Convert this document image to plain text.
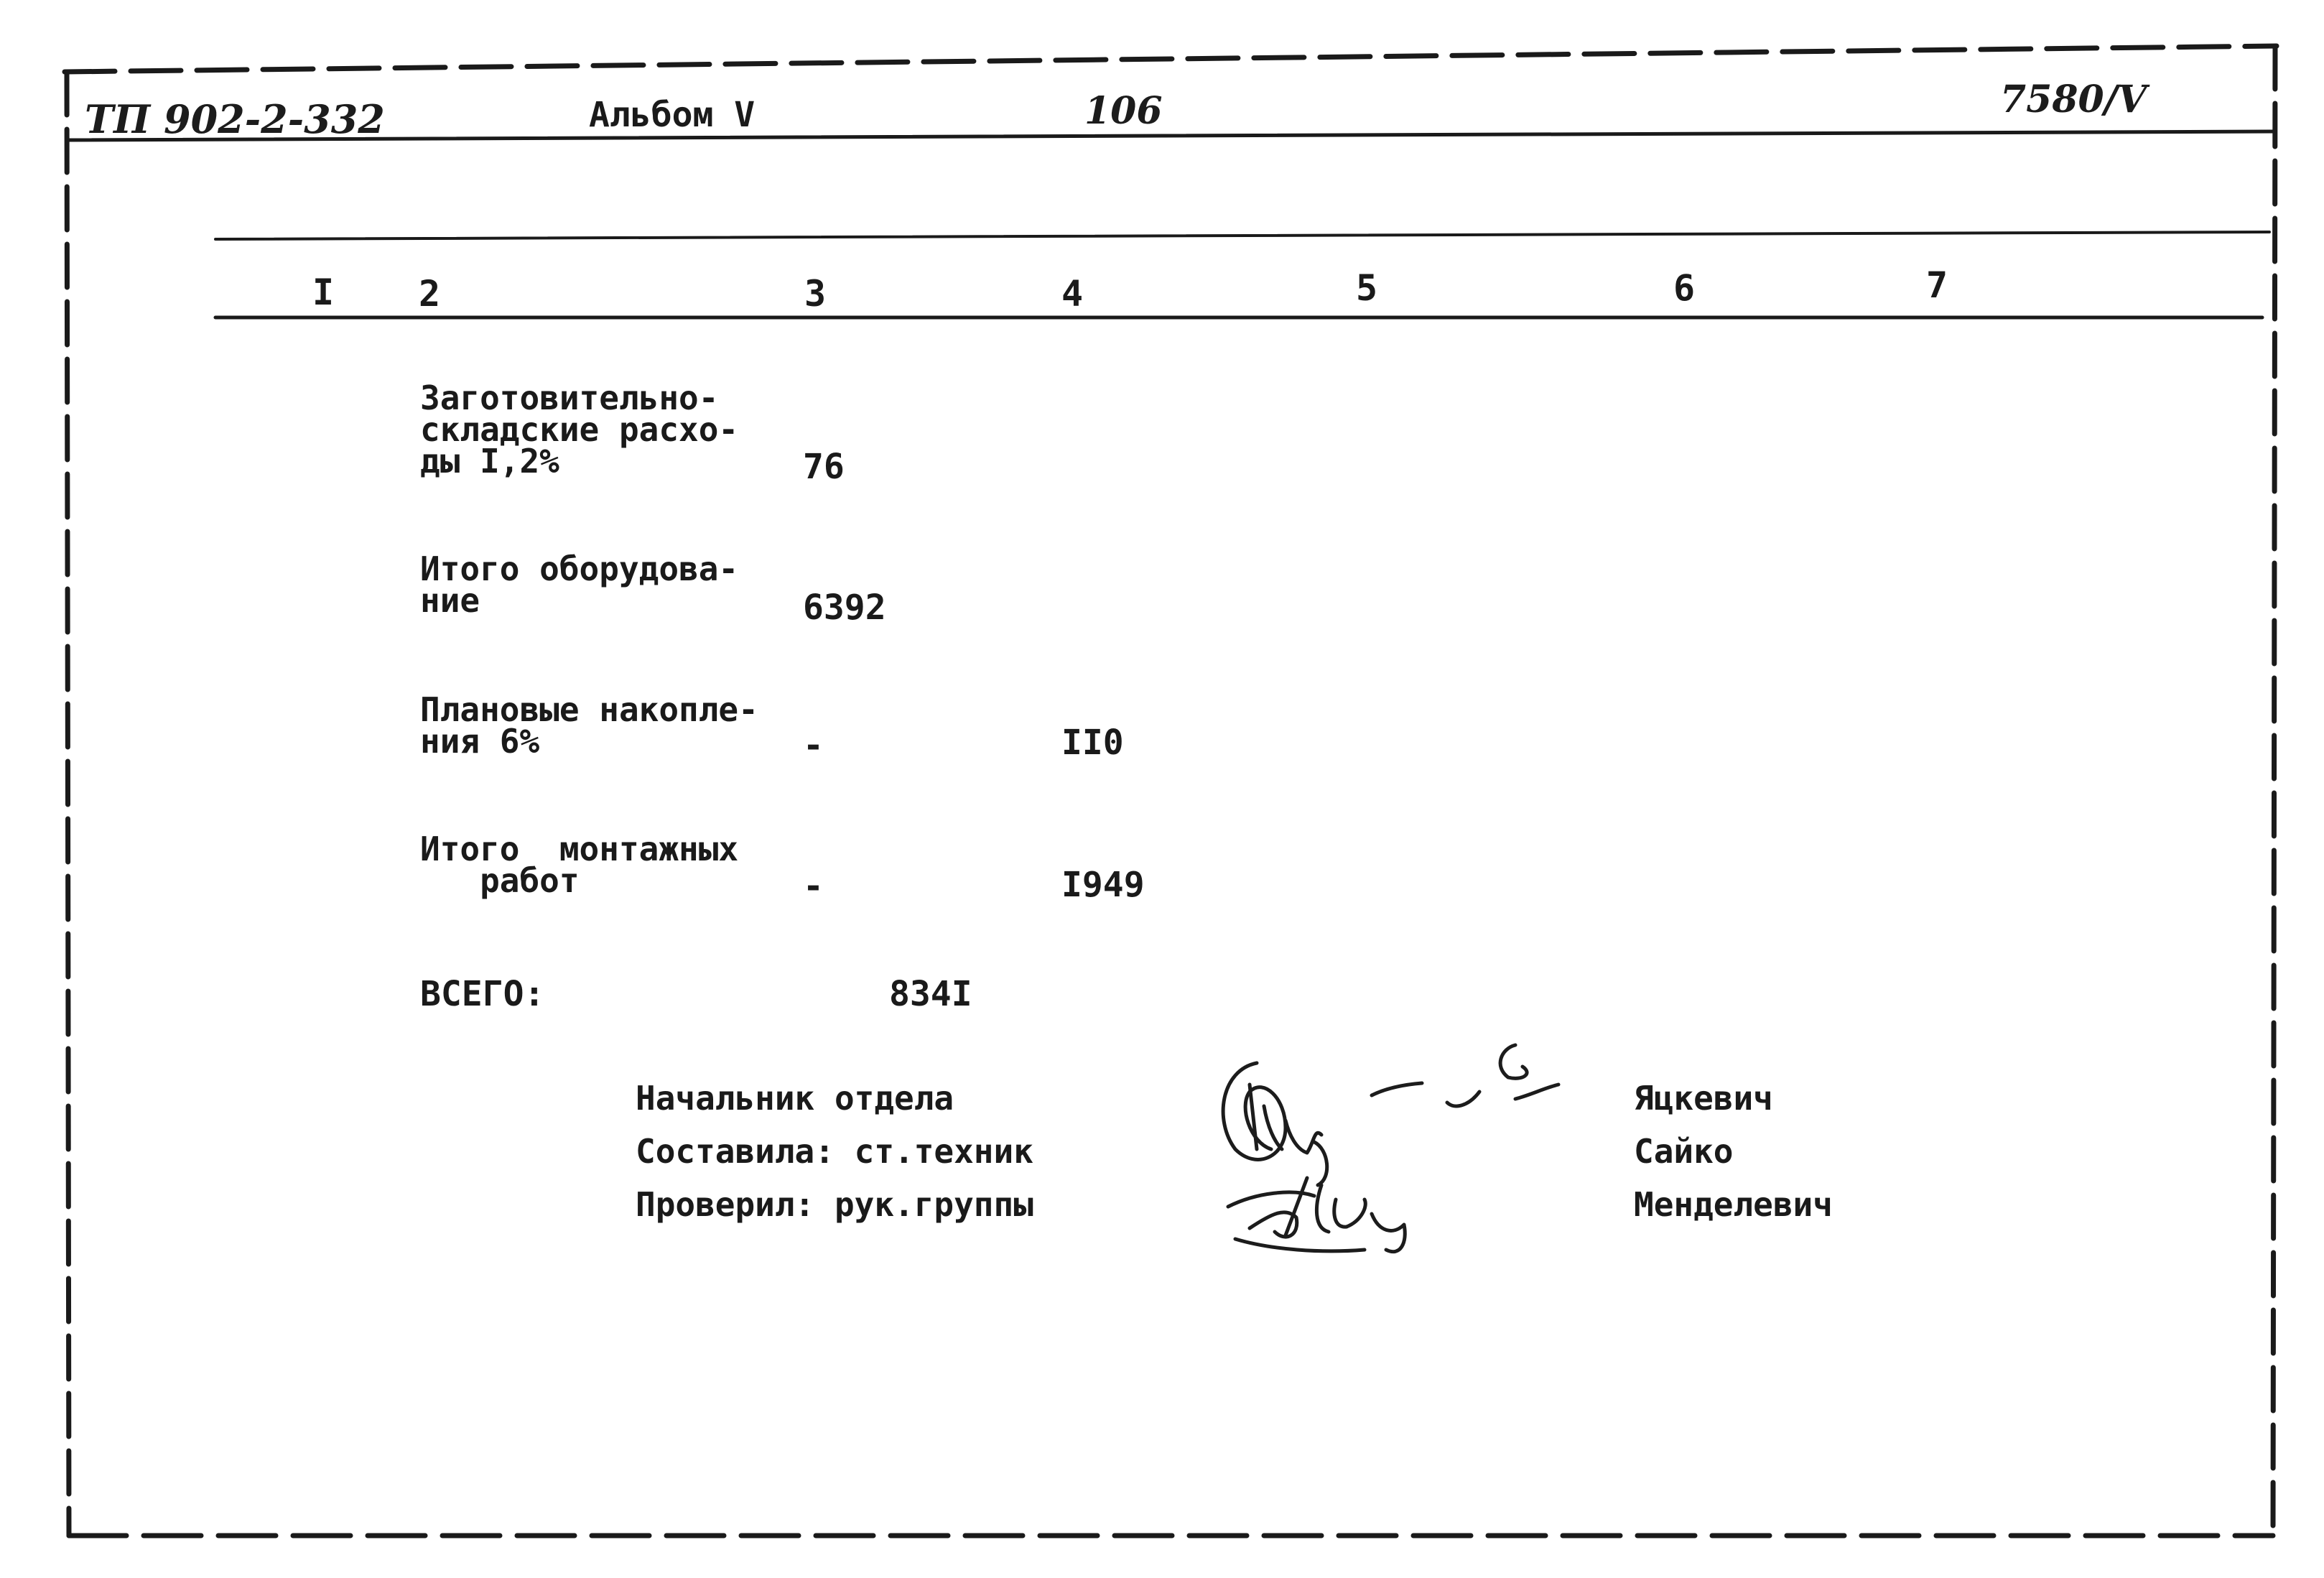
ТП 902-2-332	Альбом V	106	7580/V
I 2	3	4	5	6	7
Заготовительно-
складские расхо-
ды I,2%	76
Итого оборудова-
ние	6392
Плановые накопле-
ния 6%	-	II0
Итого  монтажных
работ	-	I949
ВСЕГО:	834I
Начальник отдела
Составила: ст.техник
Проверил: рук.группы
Яцкевич
Сайко
Менделевич
